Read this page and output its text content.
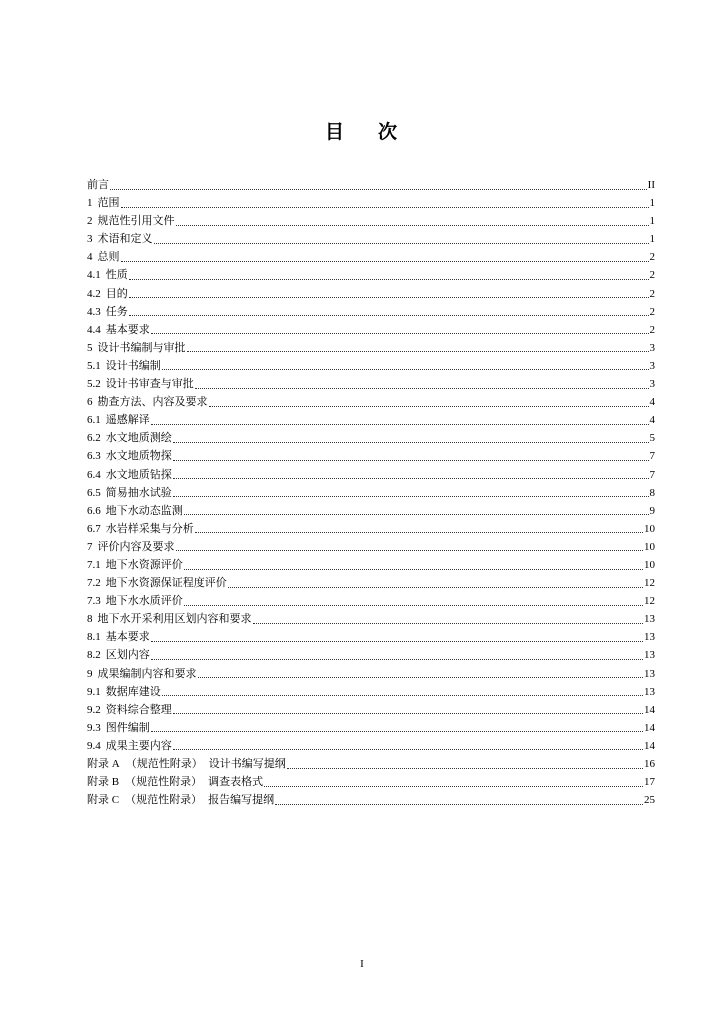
目 次
前言	II
1 范围	1
2 规范性引用文件	1
3 术语和定义	1
4 总则	2
4.1 性质	2
4.2 目的	2
4.3 任务	2
4.4 基本要求	2
5 设计书编制与审批	3
5.1 设计书编制	3
5.2 设计书审查与审批	3
6 勘查方法、内容及要求	4
6.1 遥感解译	4
6.2 水文地质测绘	5
6.3 水文地质物探	7
6.4 水文地质钻探	7
6.5 简易抽水试验	8
6.6 地下水动态监测	9
6.7 水岩样采集与分析	10
7 评价内容及要求	10
7.1 地下水资源评价	10
7.2 地下水资源保证程度评价	12
7.3 地下水水质评价	12
8 地下水开采利用区划内容和要求	13
8.1 基本要求	13
8.2 区划内容	13
9 成果编制内容和要求	13
9.1 数据库建设	13
9.2 资料综合整理	14
9.3 图件编制	14
9.4 成果主要内容	14
附录 A （规范性附录） 设计书编写提纲	16
附录 B （规范性附录） 调查表格式	17
附录 C （规范性附录） 报告编写提纲	25
I
